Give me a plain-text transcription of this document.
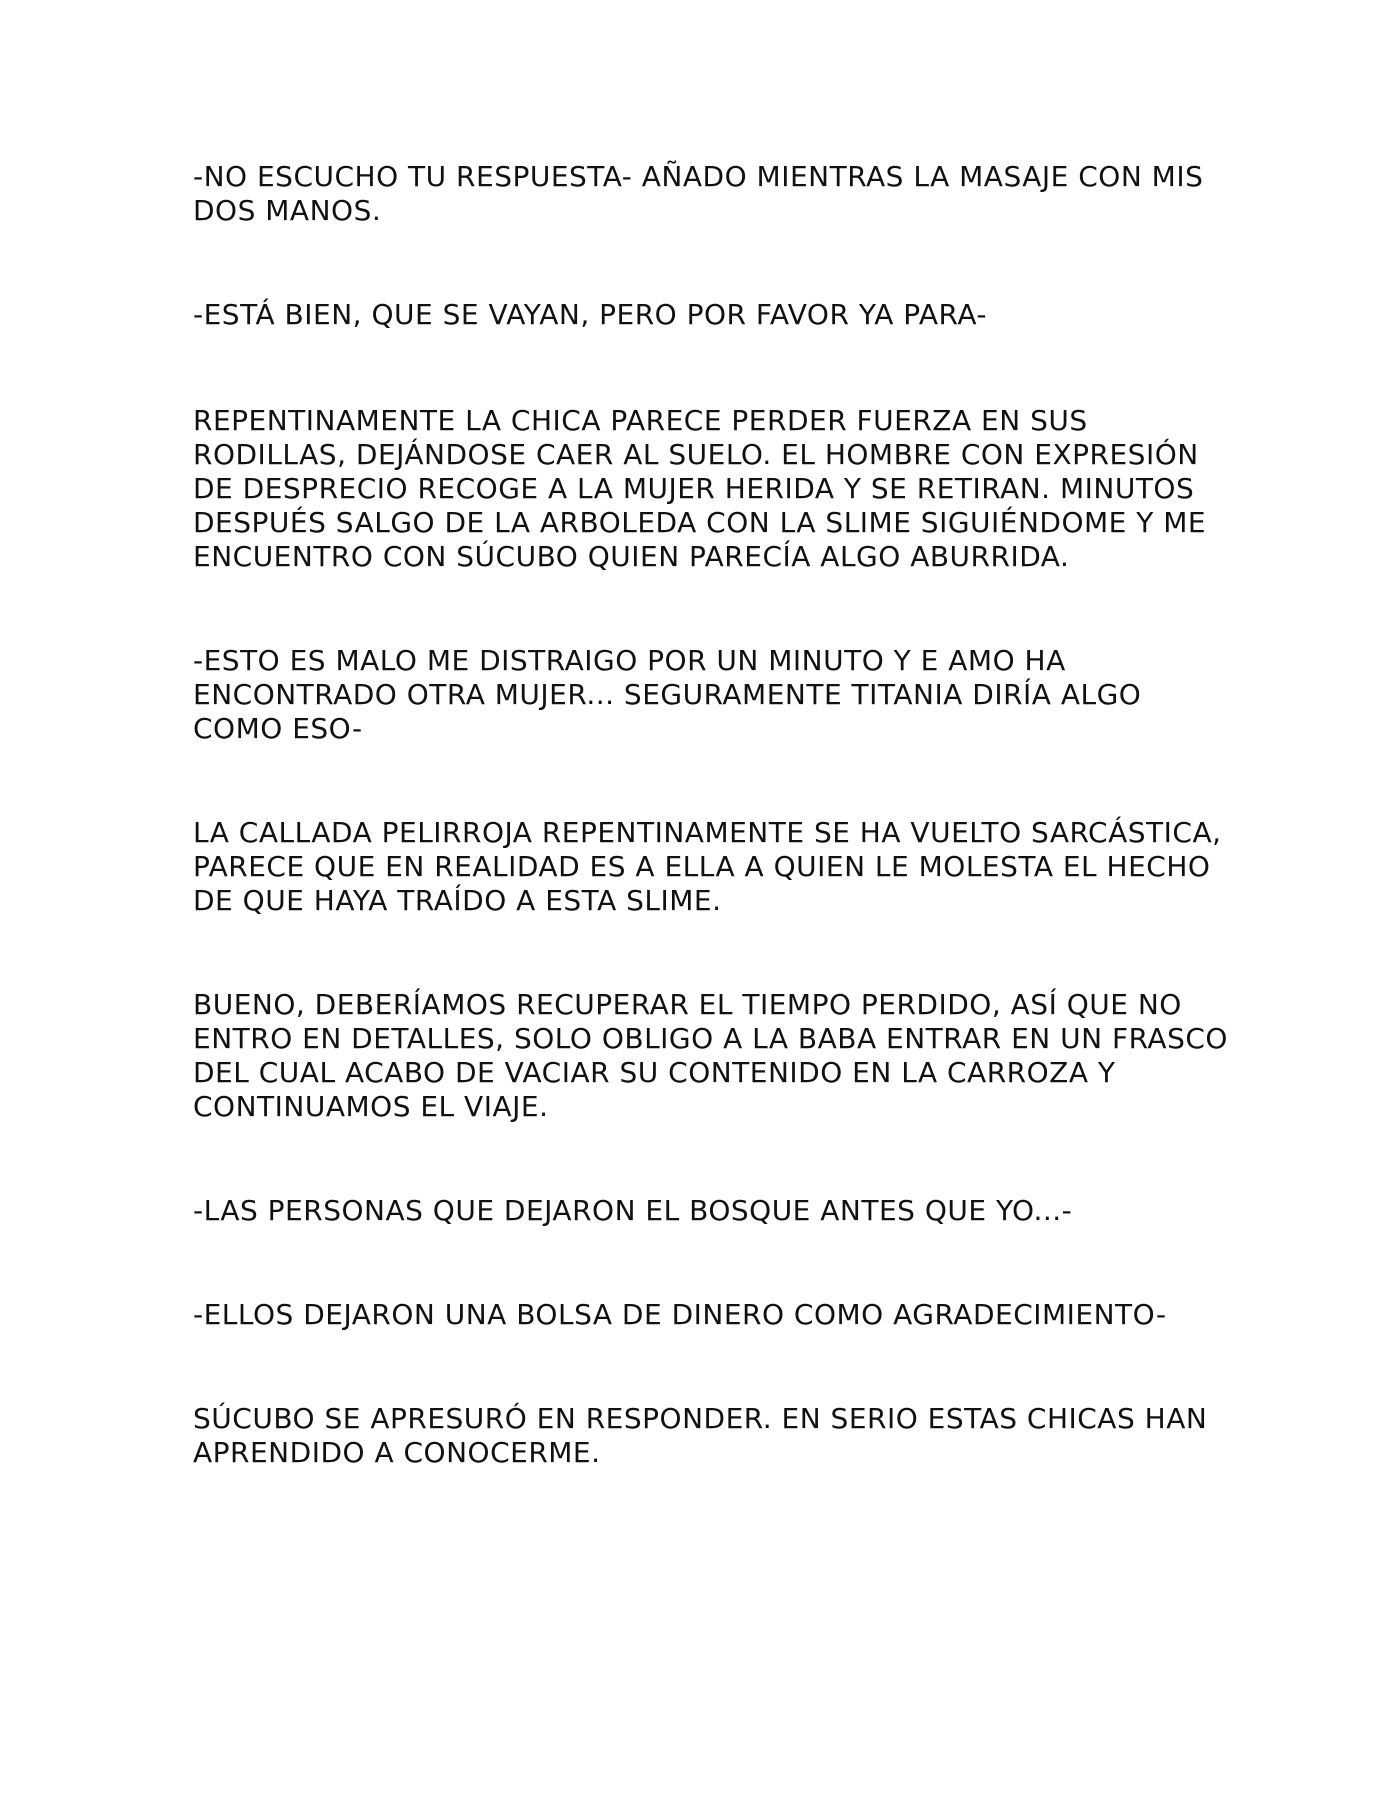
-NO ESCUCHO TU RESPUESTA- AÑADO MIENTRAS LA MASAJE CON MIS DOS MANOS.

-ESTÁ BIEN, QUE SE VAYAN, PERO POR FAVOR YA PARA-

REPENTINAMENTE LA CHICA PARECE PERDER FUERZA EN SUS RODILLAS, DEJÁNDOSE CAER AL SUELO. EL HOMBRE CON EXPRESIÓN DE DESPRECIO RECOGE A LA MUJER HERIDA Y SE RETIRAN. MINUTOS DESPUÉS SALGO DE LA ARBOLEDA CON LA SLIME SIGUIÉNDOME Y ME ENCUENTRO CON SÚCUBO QUIEN PARECÍA ALGO ABURRIDA.

-ESTO ES MALO ME DISTRAIGO POR UN MINUTO Y E AMO HA ENCONTRADO OTRA MUJER... SEGURAMENTE TITANIA DIRÍA ALGO COMO ESO-

LA CALLADA PELIRROJA REPENTINAMENTE SE HA VUELTO SARCÁSTICA, PARECE QUE EN REALIDAD ES A ELLA A QUIEN LE MOLESTA EL HECHO DE QUE HAYA TRAÍDO A ESTA SLIME.

BUENO, DEBERÍAMOS RECUPERAR EL TIEMPO PERDIDO, ASÍ QUE NO ENTRO EN DETALLES, SOLO OBLIGO A LA BABA ENTRAR EN UN FRASCO DEL CUAL ACABO DE VACIAR SU CONTENIDO EN LA CARROZA Y CONTINUAMOS EL VIAJE.

-LAS PERSONAS QUE DEJARON EL BOSQUE ANTES QUE YO...-

-ELLOS DEJARON UNA BOLSA DE DINERO COMO AGRADECIMIENTO-

SÚCUBO SE APRESURÓ EN RESPONDER. EN SERIO ESTAS CHICAS HAN APRENDIDO A CONOCERME.
